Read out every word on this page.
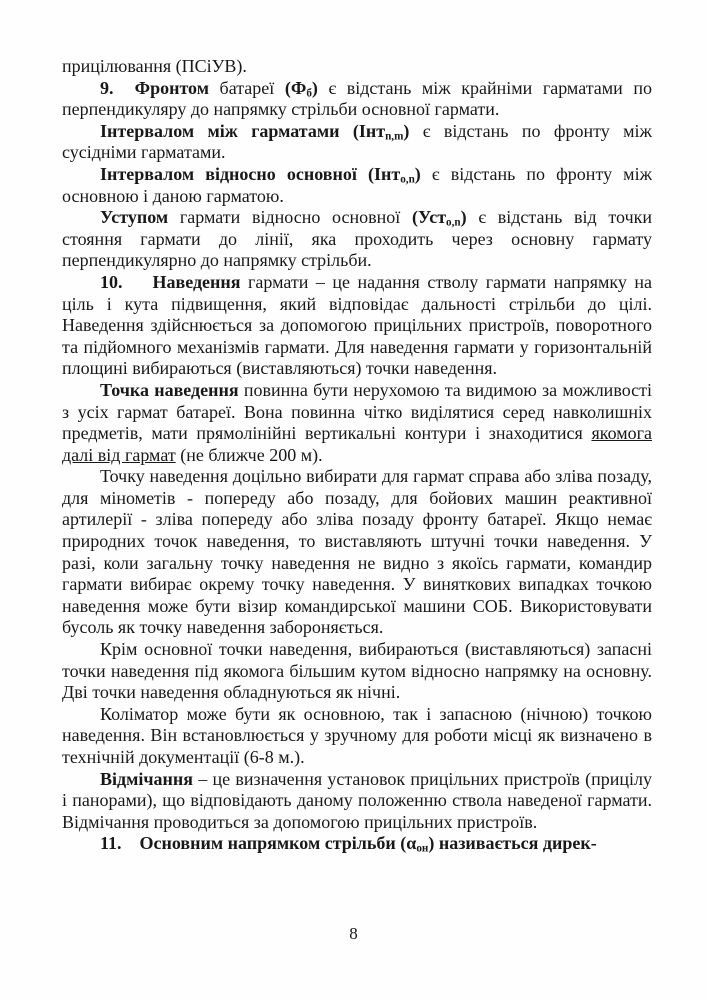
прицілювання (ПСіУВ).

9.  Фронтом батареї $(Ф_б)$ є відстань між крайніми гарматами по перпендикуляру до напрямку стрільби основної гармати.

Інтервалом між гарматами (Інт$_{n,m}$) є відстань по фронту між сусідніми гарматами.

Інтервалом відносно основної (Інт$_{о,n}$) є відстань по фронту між основною і даною гарматою.

Уступом гармати відносно основної (Уст$_{о,n}$) є відстань від точки стояння гармати до лінії, яка проходить через основну гармату перпендикулярно до напрямку стрільби.

10.    Наведення гармати – це надання стволу гармати напрямку на ціль і кута підвищення, який відповідає дальності стрільби до цілі. Наведення здійснюється за допомогою прицільних пристроїв, поворотного та підйомного механізмів гармати. Для наведення гармати у горизонтальній площині вибираються (виставляються) точки наведення.

Точка наведення повинна бути нерухомою та видимою за можливості з усіх гармат батареї. Вона повинна чітко виділятися серед навколишніх предметів, мати прямолінійні вертикальні контури і знаходитися якомога далі від гармат (не ближче 200 м).

Точку наведення доцільно вибирати для гармат справа або зліва позаду, для мінометів - попереду або позаду, для бойових машин реактивної артилерії - зліва попереду або зліва позаду фронту батареї. Якщо немає природних точок наведення, то виставляють штучні точки наведення. У разі, коли загальну точку наведення не видно з якоїсь гармати, командир гармати вибирає окрему точку наведення. У виняткових випадках точкою наведення може бути візир командирської машини СОБ. Використовувати бусоль як точку наведення забороняється.

Крім основної точки наведення, вибираються (виставляються) запасні точки наведення під якомога більшим кутом відносно напрямку на основну. Дві точки наведення обладнуються як нічні.

Коліматор може бути як основною, так і запасною (нічною) точкою наведення. Він встановлюється у зручному для роботи місці як визначено в технічній документації (6-8 м.).

Відмічання – це визначення установок прицільних пристроїв (прицілу і панорами), що відповідають даному положенню ствола наведеної гармати. Відмічання проводиться за допомогою прицільних пристроїв.

11.    Основним напрямком стрільби $(\alpha_{он})$ називається дирек-

8
